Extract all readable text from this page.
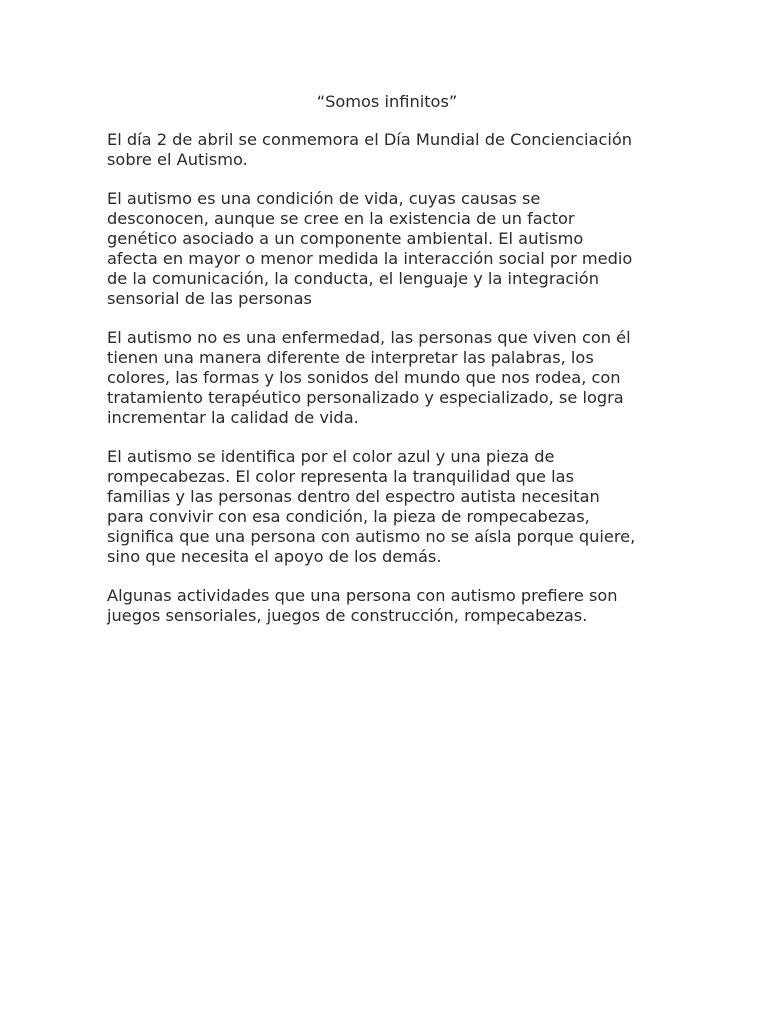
“Somos infinitos”

El día 2 de abril se conmemora el Día Mundial de Concienciación
sobre el Autismo.

El autismo es una condición de vida, cuyas causas se
desconocen, aunque se cree en la existencia de un factor
genético asociado a un componente ambiental. El autismo
afecta en mayor o menor medida la interacción social por medio
de la comunicación, la conducta, el lenguaje y la integración
sensorial de las personas

El autismo no es una enfermedad, las personas que viven con él
tienen una manera diferente de interpretar las palabras, los
colores, las formas y los sonidos del mundo que nos rodea, con
tratamiento terapéutico personalizado y especializado, se logra
incrementar la calidad de vida.

El autismo se identifica por el color azul y una pieza de
rompecabezas. El color representa la tranquilidad que las
familias y las personas dentro del espectro autista necesitan
para convivir con esa condición, la pieza de rompecabezas,
significa que una persona con autismo no se aísla porque quiere,
sino que necesita el apoyo de los demás.

Algunas actividades que una persona con autismo prefiere son
juegos sensoriales, juegos de construcción, rompecabezas.
